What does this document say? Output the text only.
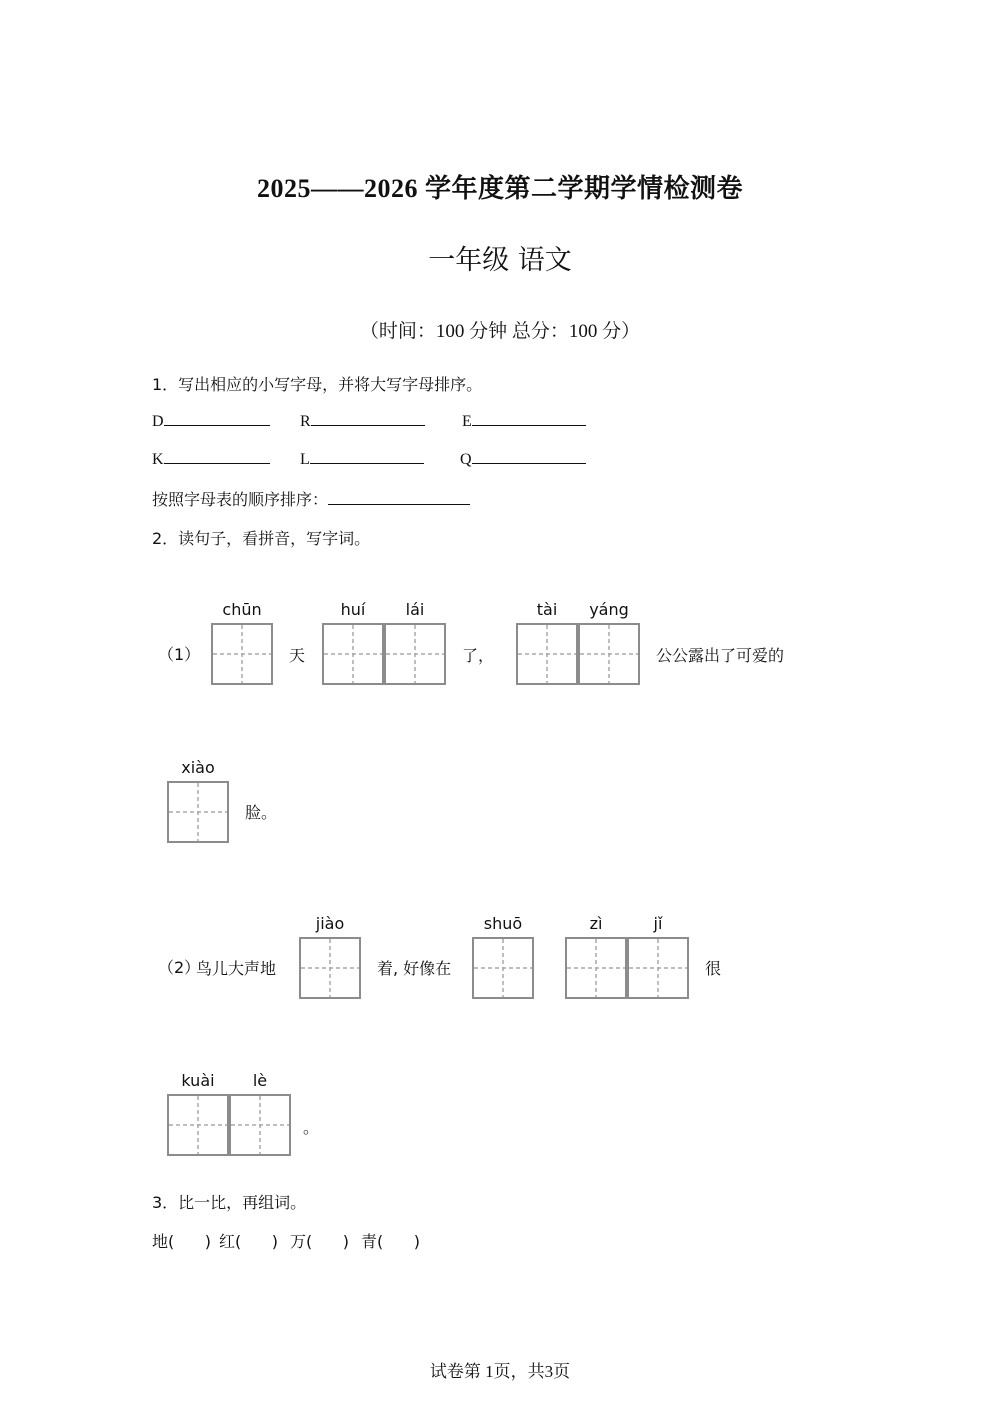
2025——2026 学年度第二学期学情检测卷
一年级 语文
（时间：100 分钟 总分：100 分）
1．写出相应的小写字母，并将大写字母排序。
D	R	E
K	L	Q
按照字母表的顺序排序：
2．读句子，看拼音，写字词。
（1）
chūn
天
huí	lái
了，
tài	yáng
公公露出了可爱的
xiào
脸。
（2）
鸟儿大声地
jiào
着, 好像在
shuō	zì	jǐ
很
kuài	lè
。
3．比一比，再组词。
地(      ) 红(      ) 万(      ) 青(      )
试卷第 1页，共3页
